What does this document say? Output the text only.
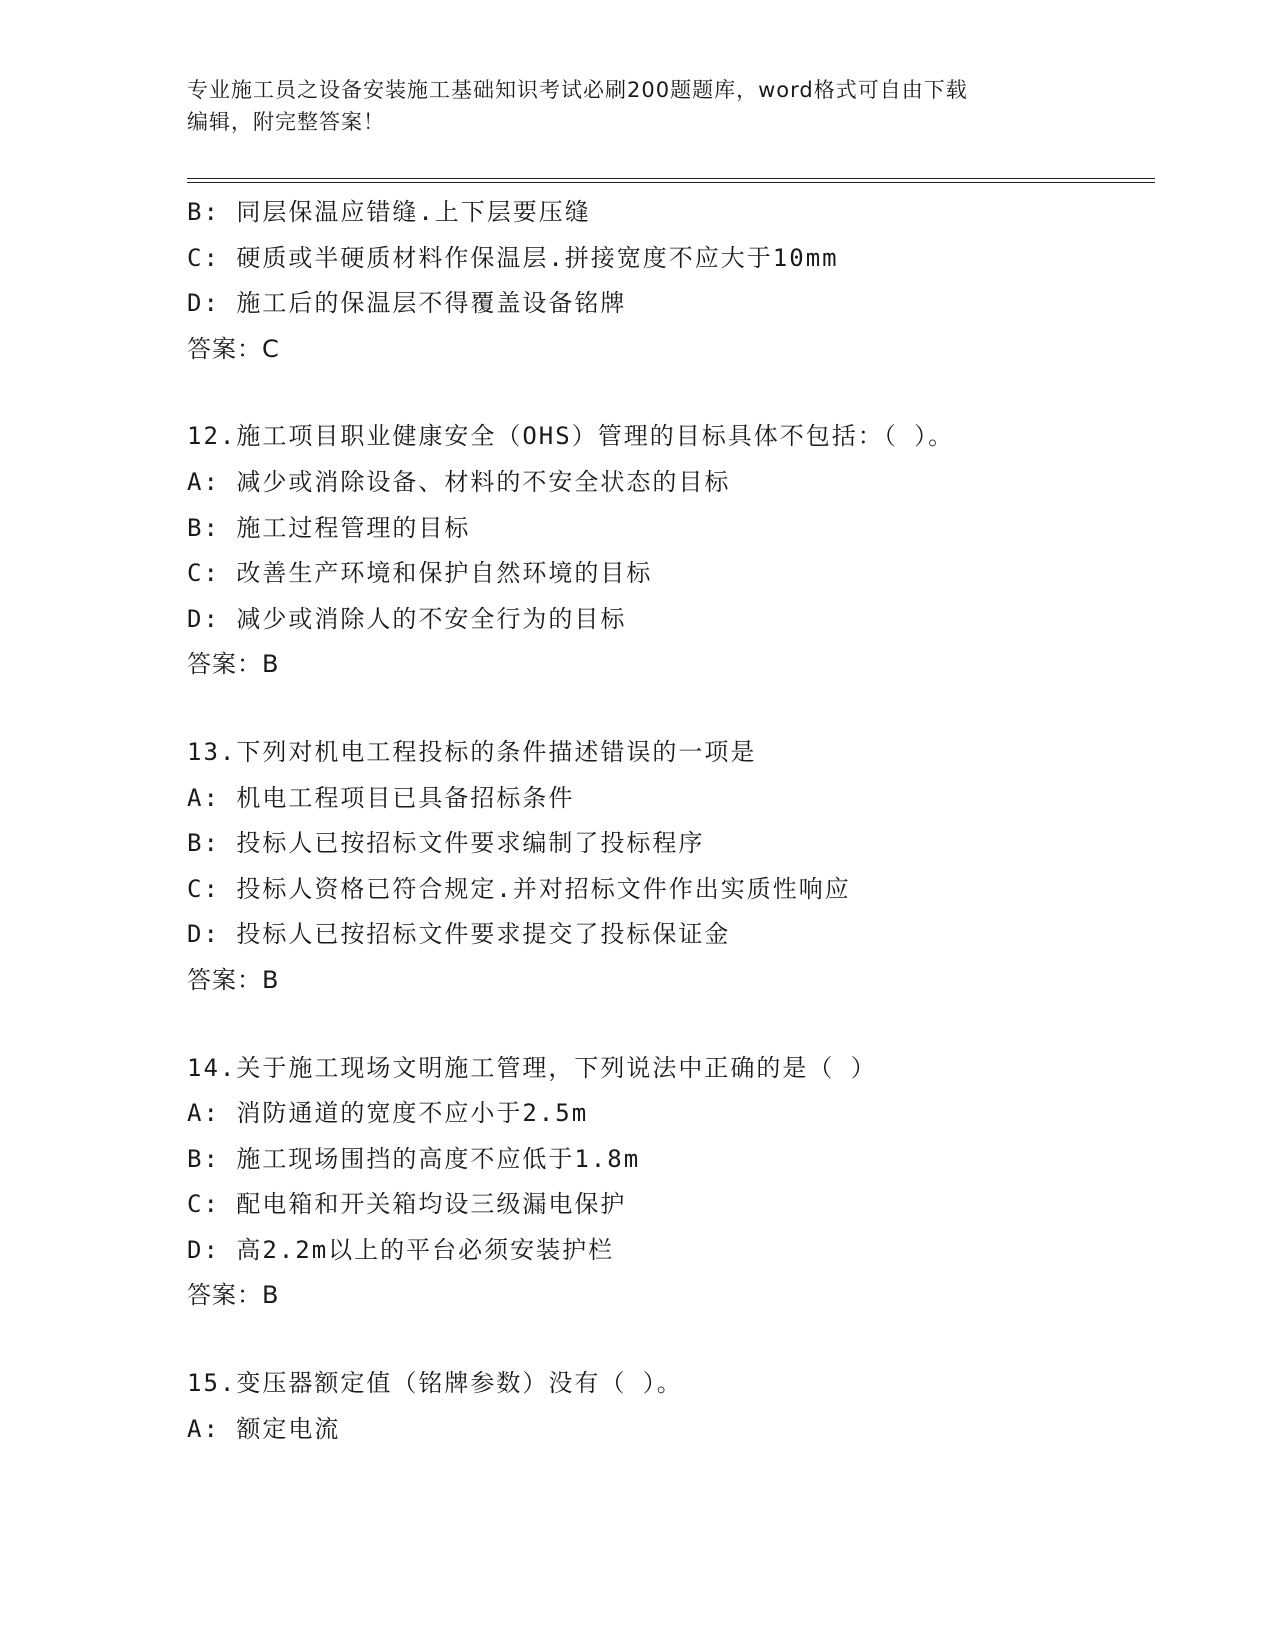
专业施工员之设备安装施工基础知识考试必刷200题题库，word格式可自由下载
编辑，附完整答案！
B: 同层保温应错缝.上下层要压缝
C: 硬质或半硬质材料作保温层.拼接宽度不应大于10mm
D: 施工后的保温层不得覆盖设备铭牌
答案：C
12.施工项目职业健康安全（OHS）管理的目标具体不包括：（ ）。
A: 减少或消除设备、材料的不安全状态的目标
B: 施工过程管理的目标
C: 改善生产环境和保护自然环境的目标
D: 减少或消除人的不安全行为的目标
答案：B
13.下列对机电工程投标的条件描述错误的一项是
A: 机电工程项目已具备招标条件
B: 投标人已按招标文件要求编制了投标程序
C: 投标人资格已符合规定.并对招标文件作出实质性响应
D: 投标人已按招标文件要求提交了投标保证金
答案：B
14.关于施工现场文明施工管理，下列说法中正确的是（ ）
A: 消防通道的宽度不应小于2.5m
B: 施工现场围挡的高度不应低于1.8m
C: 配电箱和开关箱均设三级漏电保护
D: 高2.2m以上的平台必须安装护栏
答案：B
15.变压器额定值（铭牌参数）没有（ ）。
A: 额定电流
